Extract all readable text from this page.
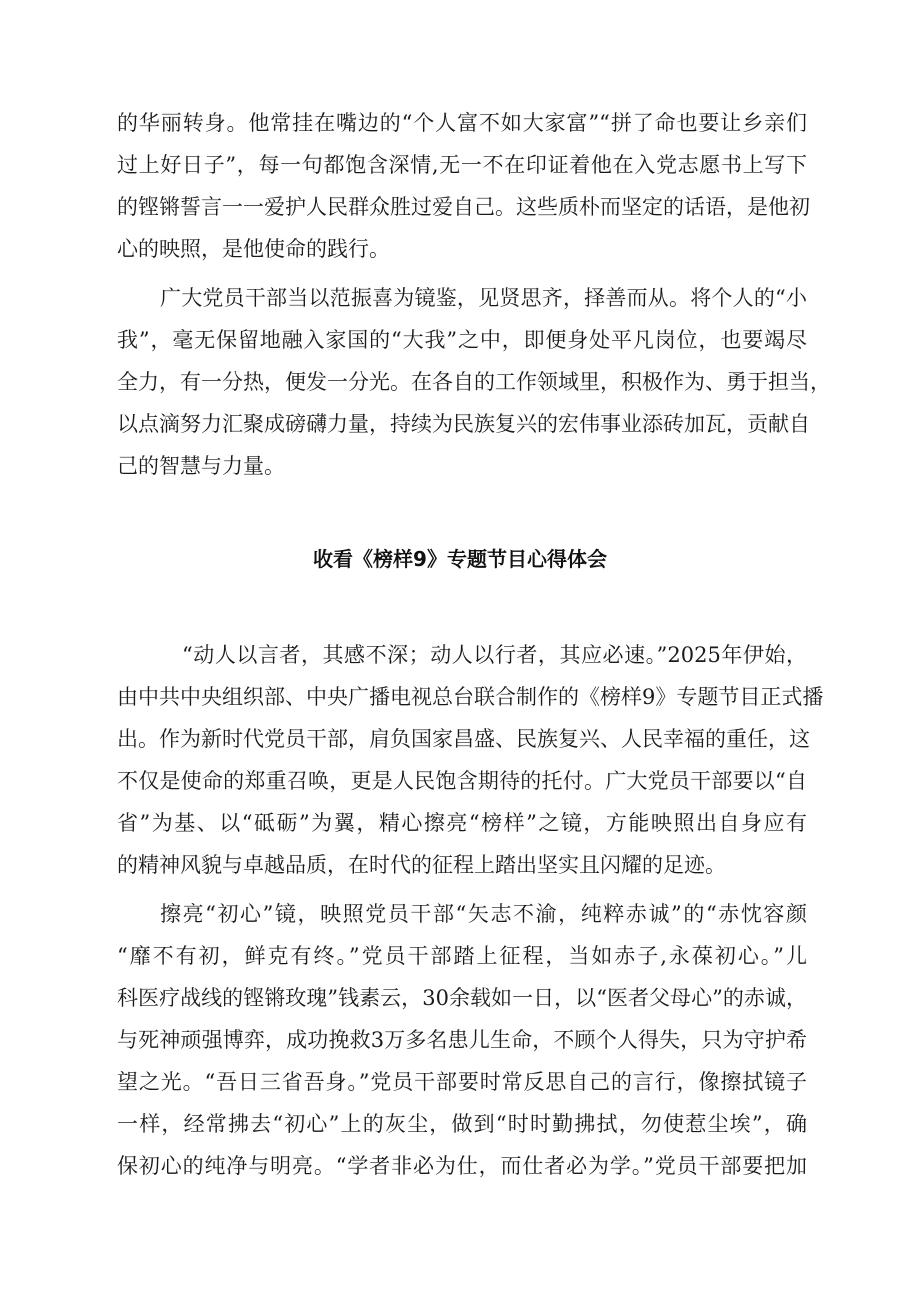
的华丽转身。他常挂在嘴边的“个人富不如大家富”“拼了命也要让乡亲们
过上好日子”，每一句都饱含深情,无一不在印证着他在入党志愿书上写下
的铿锵誓言一一爱护人民群众胜过爱自己。这些质朴而坚定的话语，是他初
心的映照，是他使命的践行。
广大党员干部当以范振喜为镜鉴，见贤思齐，择善而从。将个人的“小
我”，毫无保留地融入家国的“大我”之中，即便身处平凡岗位，也要竭尽
全力，有一分热，便发一分光。在各自的工作领域里，积极作为、勇于担当，
以点滴努力汇聚成磅礴力量，持续为民族复兴的宏伟事业添砖加瓦，贡献自
己的智慧与力量。
收看《榜样9》专题节目心得体会
“动人以言者，其感不深；动人以行者，其应必速。”2025年伊始，
由中共中央组织部、中央广播电视总台联合制作的《榜样9》专题节目正式播
出。作为新时代党员干部，肩负国家昌盛、民族复兴、人民幸福的重任，这
不仅是使命的郑重召唤，更是人民饱含期待的托付。广大党员干部要以“自
省”为基、以“砥砺”为翼，精心擦亮“榜样”之镜，方能映照出自身应有
的精神风貌与卓越品质，在时代的征程上踏出坚实且闪耀的足迹。
擦亮“初心”镜，映照党员干部“矢志不渝，纯粹赤诚”的“赤忱容颜
“靡不有初，鲜克有终。”党员干部踏上征程，当如赤子,永葆初心。”儿
科医疗战线的铿锵玫瑰”钱素云，30余载如一日，以“医者父母心”的赤诚，
与死神顽强博弈，成功挽救3万多名患儿生命，不顾个人得失，只为守护希
望之光。“吾日三省吾身。”党员干部要时常反思自己的言行，像擦拭镜子
一样，经常拂去“初心”上的灰尘，做到“时时勤拂拭，勿使惹尘埃”，确
保初心的纯净与明亮。“学者非必为仕，而仕者必为学。”党员干部要把加
